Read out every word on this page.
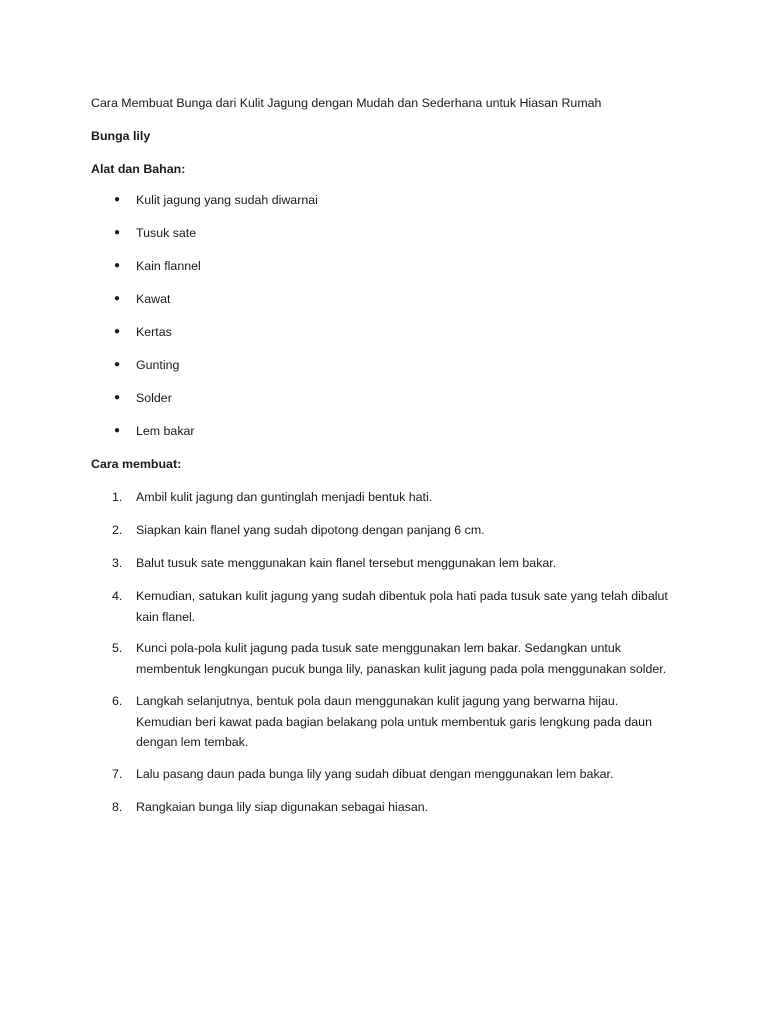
Cara Membuat Bunga dari Kulit Jagung dengan Mudah dan Sederhana untuk Hiasan Rumah

Bunga lily

Alat dan Bahan:

● Kulit jagung yang sudah diwarnai
● Tusuk sate
● Kain flannel
● Kawat
● Kertas
● Gunting
● Solder
● Lem bakar

Cara membuat:

1. Ambil kulit jagung dan guntinglah menjadi bentuk hati.
2. Siapkan kain flanel yang sudah dipotong dengan panjang 6 cm.
3. Balut tusuk sate menggunakan kain flanel tersebut menggunakan lem bakar.
4. Kemudian, satukan kulit jagung yang sudah dibentuk pola hati pada tusuk sate yang telah dibalut kain flanel.
5. Kunci pola-pola kulit jagung pada tusuk sate menggunakan lem bakar. Sedangkan untuk membentuk lengkungan pucuk bunga lily, panaskan kulit jagung pada pola menggunakan solder.
6. Langkah selanjutnya, bentuk pola daun menggunakan kulit jagung yang berwarna hijau. Kemudian beri kawat pada bagian belakang pola untuk membentuk garis lengkung pada daun dengan lem tembak.
7. Lalu pasang daun pada bunga lily yang sudah dibuat dengan menggunakan lem bakar.
8. Rangkaian bunga lily siap digunakan sebagai hiasan.
